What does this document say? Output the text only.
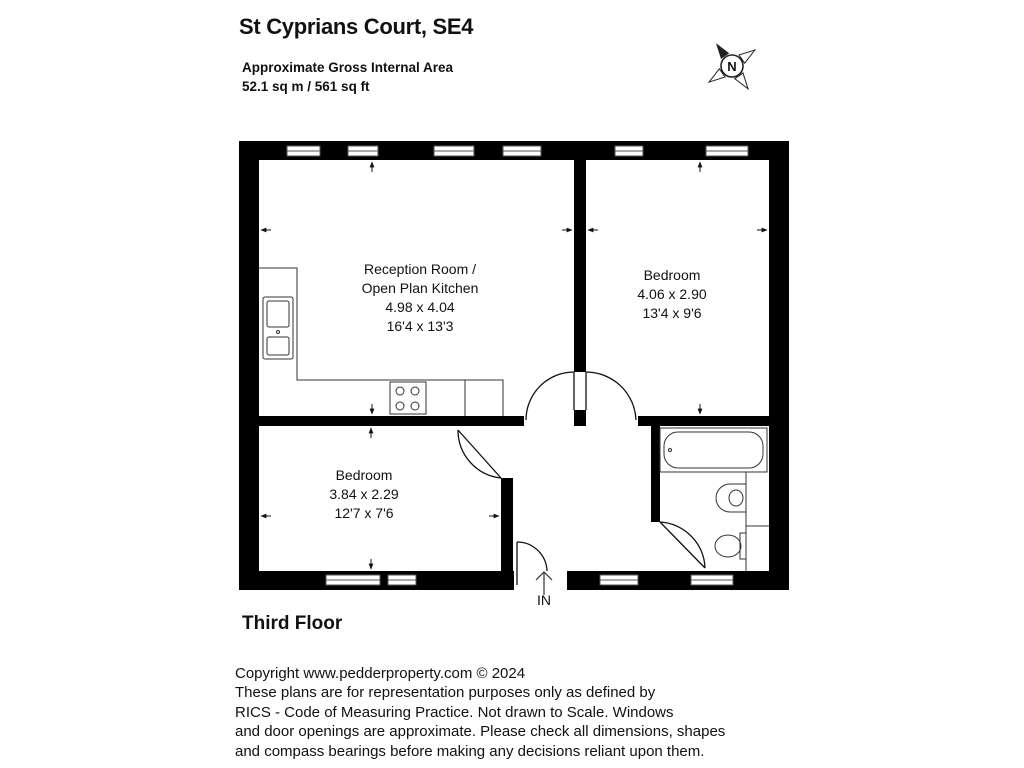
St Cyprians Court, SE4
Approximate Gross Internal Area
52.1 sq m / 561 sq ft
N
Reception Room /
Open Plan Kitchen
4.98 x 4.04
16'4 x 13'3
Bedroom
4.06 x 2.90
13'4 x 9'6
Bedroom
3.84 x 2.29
12'7 x 7'6
IN
Third Floor
Copyright www.pedderproperty.com © 2024
These plans are for representation purposes only as defined by
RICS - Code of Measuring Practice. Not drawn to Scale. Windows
and door openings are approximate. Please check all dimensions, shapes
and compass bearings before making any decisions reliant upon them.
